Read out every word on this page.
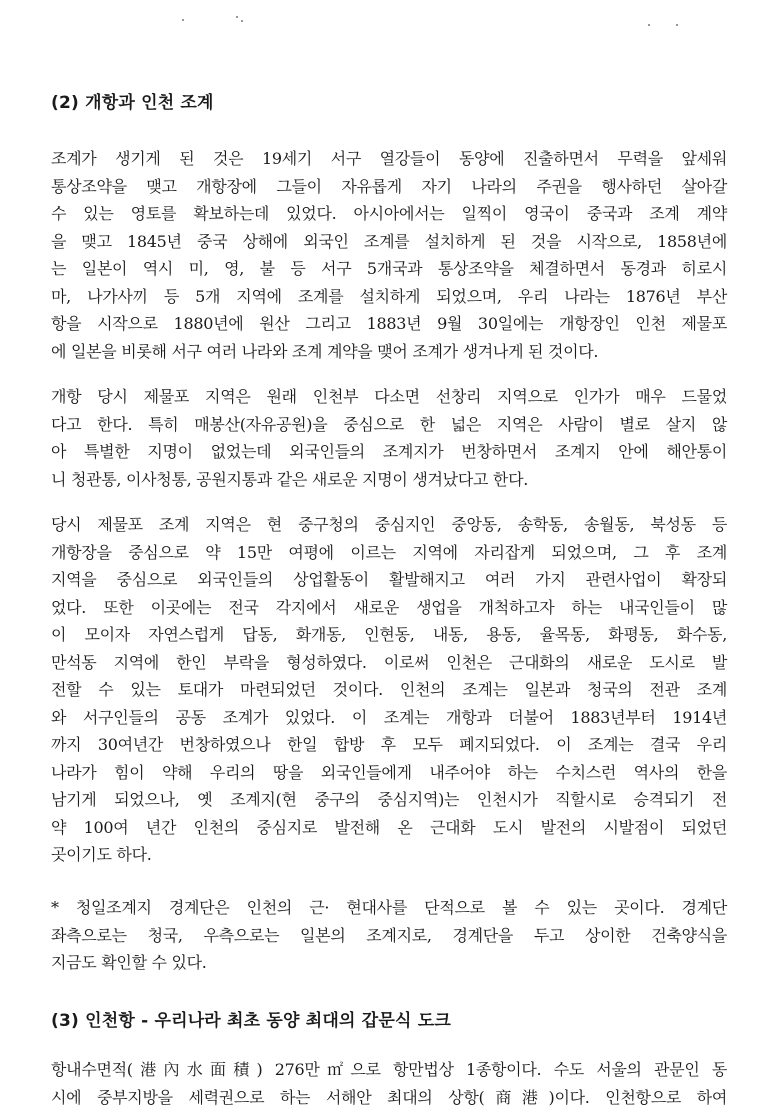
(2) 개항과 인천 조계
조계가 생기게 된 것은 19세기 서구 열강들이 동양에 진출하면서 무력을 앞세워
통상조약을 맺고 개항장에 그들이 자유롭게 자기 나라의 주권을 행사하던 살아갈
수 있는 영토를 확보하는데 있었다. 아시아에서는 일찍이 영국이 중국과 조계 계약
을 맺고 1845년 중국 상해에 외국인 조계를 설치하게 된 것을 시작으로, 1858년에
는 일본이 역시 미, 영, 불 등 서구 5개국과 통상조약을 체결하면서 동경과 히로시
마, 나가사끼 등 5개 지역에 조계를 설치하게 되었으며, 우리 나라는 1876년 부산
항을 시작으로 1880년에 원산 그리고 1883년 9월 30일에는 개항장인 인천 제물포
에 일본을 비롯해 서구 여러 나라와 조계 계약을 맺어 조계가 생겨나게 된 것이다.
개항 당시 제물포 지역은 원래 인천부 다소면 선창리 지역으로 인가가 매우 드물었
다고 한다. 특히 매봉산(자유공원)을 중심으로 한 넓은 지역은 사람이 별로 살지 않
아 특별한 지명이 없었는데 외국인들의 조계지가 번창하면서 조계지 안에 해안통이
니 청관통, 이사청통, 공원지통과 같은 새로운 지명이 생겨났다고 한다.
당시 제물포 조계 지역은 현 중구청의 중심지인 중앙동, 송학동, 송월동, 북성동 등
개항장을 중심으로 약 15만 여평에 이르는 지역에 자리잡게 되었으며, 그 후 조계
지역을 중심으로 외국인들의 상업활동이 활발해지고 여러 가지 관련사업이 확장되
었다. 또한 이곳에는 전국 각지에서 새로운 생업을 개척하고자 하는 내국인들이 많
이 모이자 자연스럽게 답동, 화개동, 인현동, 내동, 용동, 율목동, 화평동, 화수동,
만석동 지역에 한인 부락을 형성하였다. 이로써 인천은 근대화의 새로운 도시로 발
전할 수 있는 토대가 마련되었던 것이다. 인천의 조계는 일본과 청국의 전관 조계
와 서구인들의 공동 조계가 있었다. 이 조계는 개항과 더불어 1883년부터 1914년
까지 30여년간 번창하였으나 한일 합방 후 모두 폐지되었다. 이 조계는 결국 우리
나라가 힘이 약해 우리의 땅을 외국인들에게 내주어야 하는 수치스런 역사의 한을
남기게 되었으나, 옛 조계지(현 중구의 중심지역)는 인천시가 직할시로 승격되기 전
약 100여 년간 인천의 중심지로 발전해 온 근대화 도시 발전의 시발점이 되었던
곳이기도 하다.
* 청일조계지 경계단은 인천의 근· 현대사를 단적으로 볼 수 있는 곳이다. 경계단
좌측으로는 청국, 우측으로는 일본의 조계지로, 경계단을 두고 상이한 건축양식을
지금도 확인할 수 있다.
(3) 인천항 - 우리나라 최초 동양 최대의 갑문식 도크
항내수면적(港內水面積) 276만㎡으로 항만법상 1종항이다. 수도 서울의 관문인 동
시에 중부지방을 세력권으로 하는 서해안 최대의 상항(商港)이다. 인천항으로 하여
